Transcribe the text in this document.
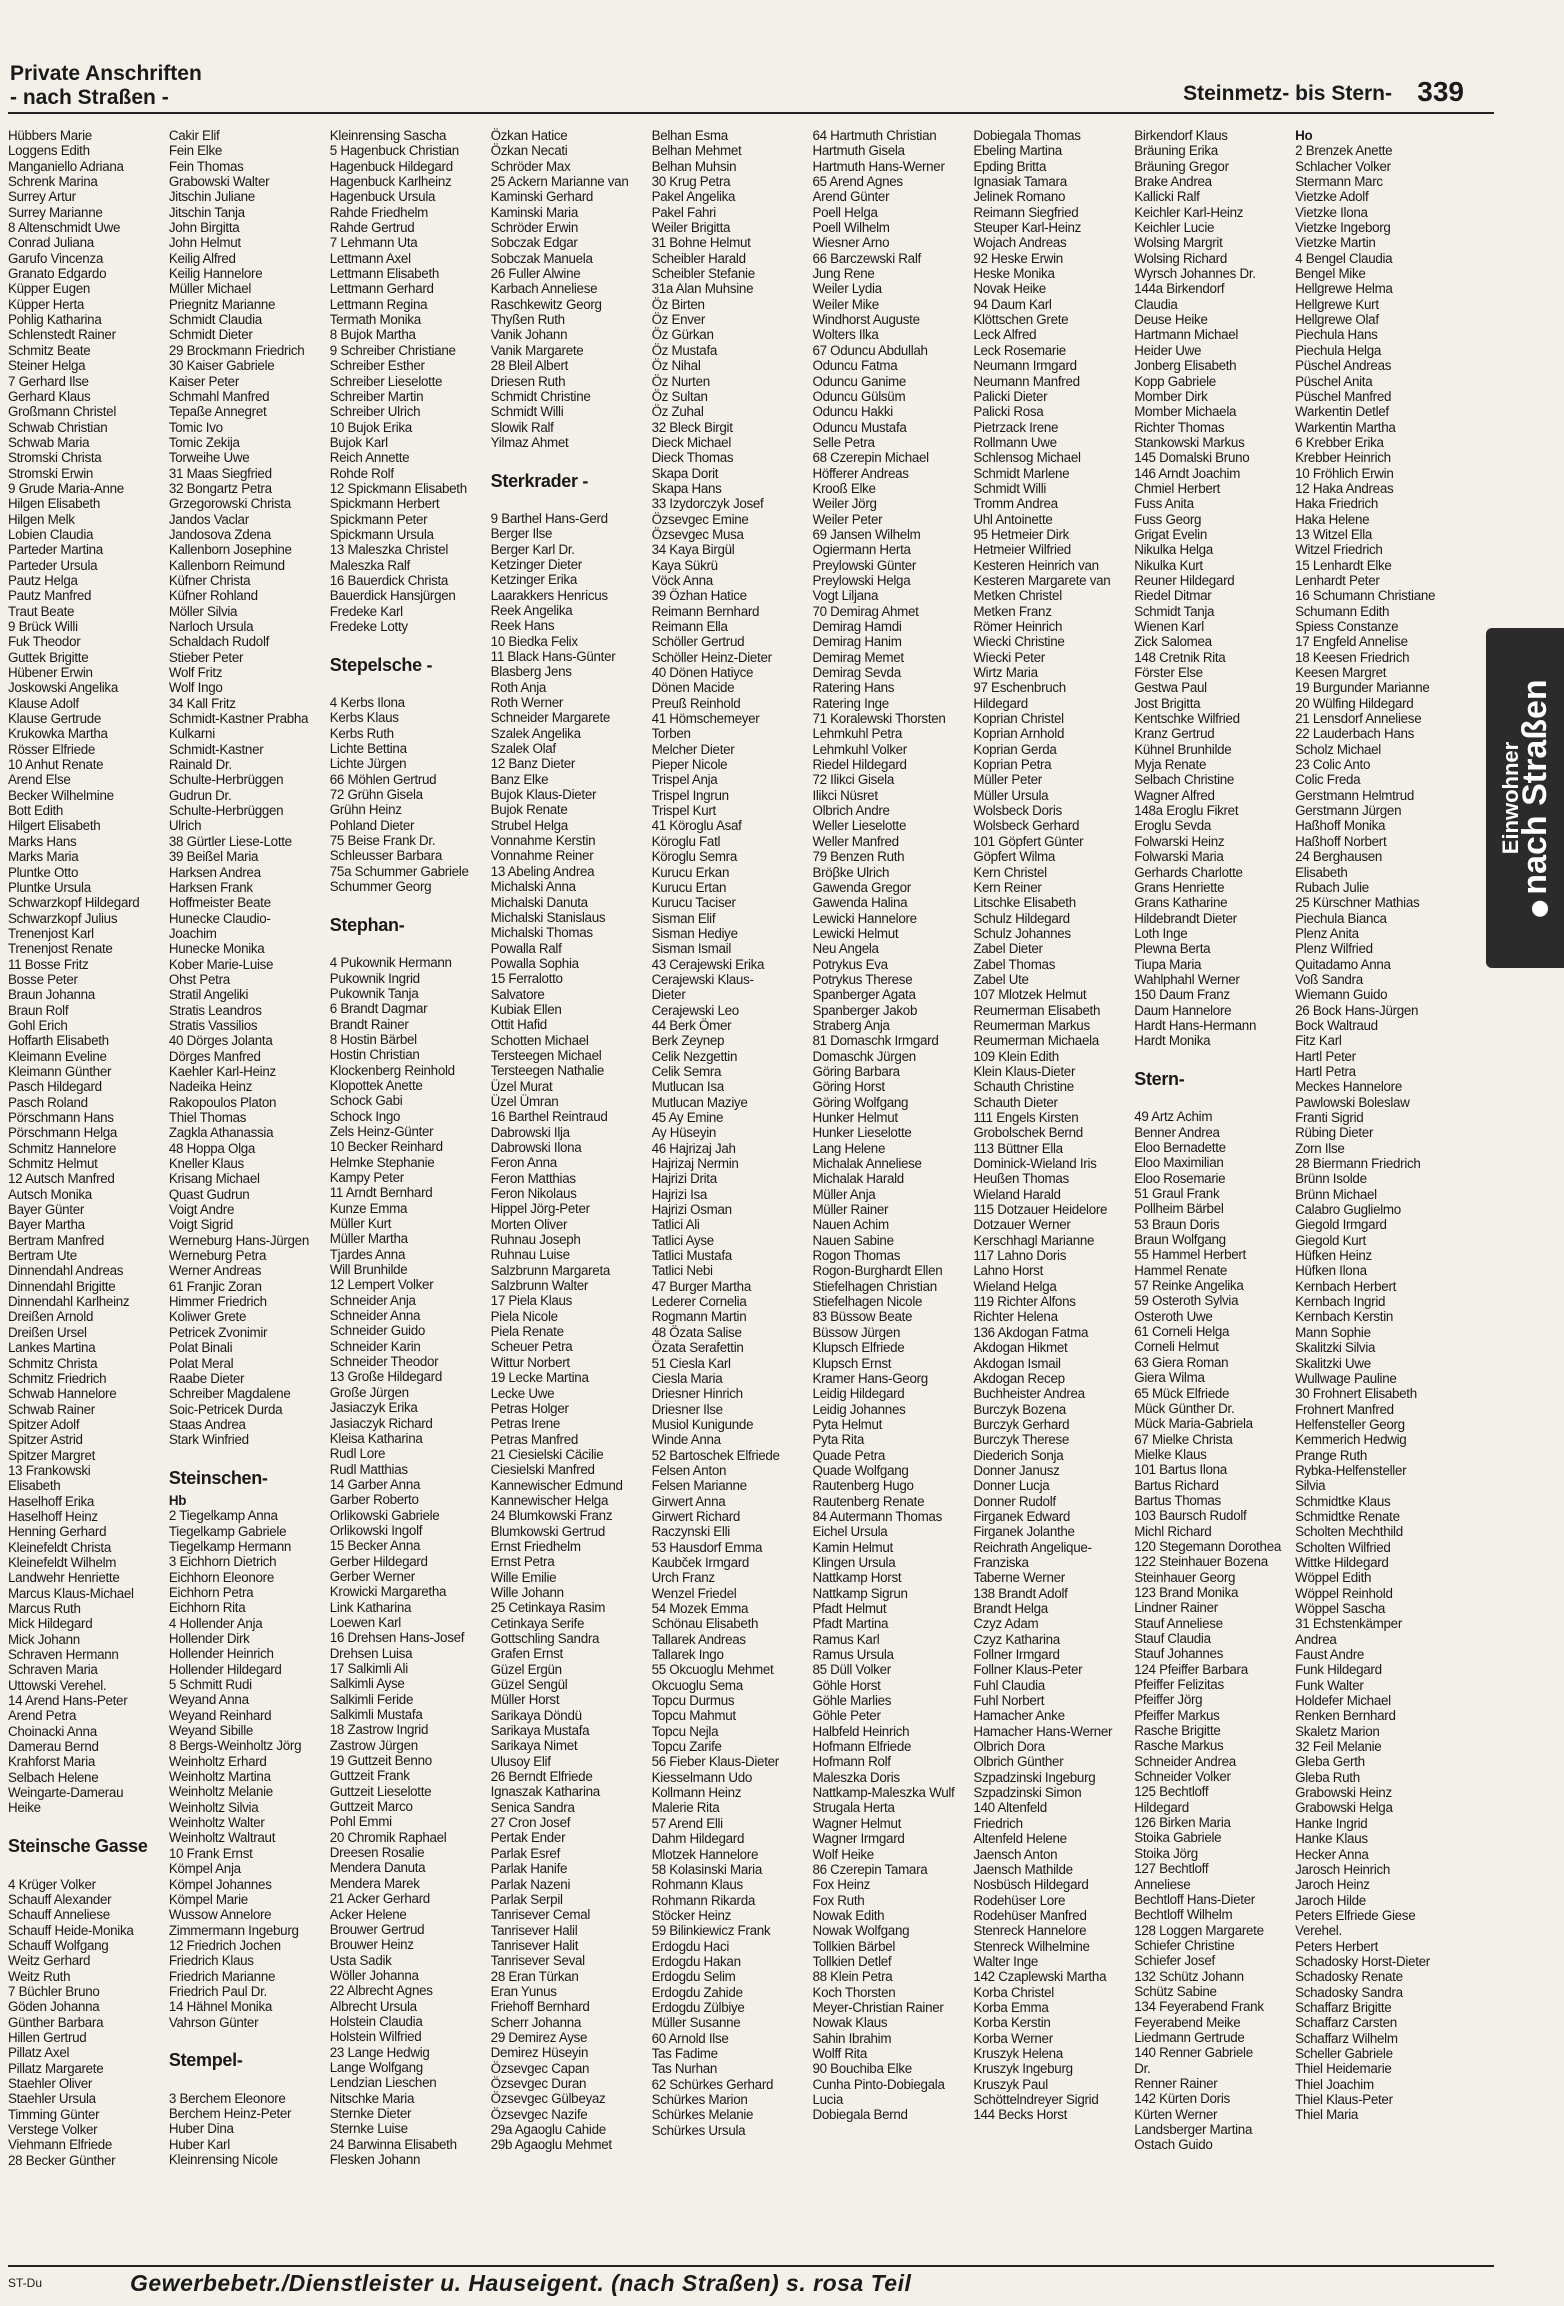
Private Anschriften
- nach Straßen -	Steinmetz- bis Stern- 339
Hübbers Marie
Loggens Edith
Manganiello Adriana
Schrenk Marina
Surrey Artur
Surrey Marianne
8 Altenschmidt Uwe
Conrad Juliana
Garufo Vincenza
Granato Edgardo
Küpper Eugen
Küpper Herta
Pohlig Katharina
Schlenstedt Rainer
Schmitz Beate
Steiner Helga
7 Gerhard Ilse
Gerhard Klaus
Großmann Christel
Schwab Christian
Schwab Maria
Stromski Christa
Stromski Erwin
9 Grude Maria-Anne
Hilgen Elisabeth
Hilgen Melk
Lobien Claudia
Parteder Martina
Parteder Ursula
Pautz Helga
Pautz Manfred
Traut Beate
9 Brück Willi
Fuk Theodor
Guttek Brigitte
Hübener Erwin
Joskowski Angelika
Klause Adolf
Klause Gertrude
Krukowka Martha
Rösser Elfriede
10 Anhut Renate
Arend Else
Becker Wilhelmine
Bott Edith
Hilgert Elisabeth
Marks Hans
Marks Maria
Pluntke Otto
Pluntke Ursula
Schwarzkopf Hildegard
Schwarzkopf Julius
Trenenjost Karl
Trenenjost Renate
11 Bosse Fritz
Bosse Peter
Braun Johanna
Braun Rolf
Gohl Erich
Hoffarth Elisabeth
Kleimann Eveline
Kleimann Günther
Pasch Hildegard
Pasch Roland
Pörschmann Hans
Pörschmann Helga
Schmitz Hannelore
Schmitz Helmut
12 Autsch Manfred
Autsch Monika
Bayer Günter
Bayer Martha
Bertram Manfred
Bertram Ute
Dinnendahl Andreas
Dinnendahl Brigitte
Dinnendahl Karlheinz
Dreißen Arnold
Dreißen Ursel
Lankes Martina
Schmitz Christa
Schmitz Friedrich
Schwab Hannelore
Schwab Rainer
Spitzer Adolf
Spitzer Astrid
Spitzer Margret
13 Frankowski
Elisabeth
Haselhoff Erika
Haselhoff Heinz
Henning Gerhard
Kleinefeldt Christa
Kleinefeldt Wilhelm
Landwehr Henriette
Marcus Klaus-Michael
Marcus Ruth
Mick Hildegard
Mick Johann
Schraven Hermann
Schraven Maria
Uttowski Verehel.
14 Arend Hans-Peter
Arend Petra
Choinacki Anna
Damerau Bernd
Krahforst Maria
Selbach Helene
Weingarte-Damerau
Heike
Steinsche Gasse
4 Krüger Volker
Schauff Alexander
Schauff Anneliese
Schauff Heide-Monika
Schauff Wolfgang
Weitz Gerhard
Weitz Ruth
7 Büchler Bruno
Göden Johanna
Günther Barbara
Hillen Gertrud
Pillatz Axel
Pillatz Margarete
Staehler Oliver
Staehler Ursula
Timming Günter
Verstege Volker
Viehmann Elfriede
28 Becker Günther
Cakir Elif
Fein Elke
Fein Thomas
Grabowski Walter
Jitschin Juliane
Jitschin Tanja
John Birgitta
John Helmut
Keilig Alfred
Keilig Hannelore
Müller Michael
Priegnitz Marianne
Schmidt Claudia
Schmidt Dieter
29 Brockmann Friedrich
30 Kaiser Gabriele
Kaiser Peter
Schmahl Manfred
Tepaße Annegret
Tomic Ivo
Tomic Zekija
Torweihe Uwe
31 Maas Siegfried
32 Bongartz Petra
Grzegorowski Christa
Jandos Vaclar
Jandosova Zdena
Kallenborn Josephine
Kallenborn Reimund
Küfner Christa
Küfner Rohland
Möller Silvia
Narloch Ursula
Schaldach Rudolf
Stieber Peter
Wolf Fritz
Wolf Ingo
34 Kall Fritz
Schmidt-Kastner Prabha
Kulkarni
Schmidt-Kastner
Rainald Dr.
Schulte-Herbrüggen
Gudrun Dr.
Schulte-Herbrüggen
Ulrich
38 Gürtler Liese-Lotte
39 Beißel Maria
Harksen Andrea
Harksen Frank
Hoffmeister Beate
Hunecke Claudio-
Joachim
Hunecke Monika
Kober Marie-Luise
Ohst Petra
Stratil Angeliki
Stratis Leandros
Stratis Vassilios
40 Dörges Jolanta
Dörges Manfred
Kaehler Karl-Heinz
Nadeika Heinz
Rakopoulos Platon
Thiel Thomas
Zagkla Athanassia
48 Hoppa Olga
Kneller Klaus
Krisang Michael
Quast Gudrun
Voigt Andre
Voigt Sigrid
Werneburg Hans-Jürgen
Werneburg Petra
Werner Andreas
61 Franjic Zoran
Himmer Friedrich
Koliwer Grete
Petricek Zvonimir
Polat Binali
Polat Meral
Raabe Dieter
Schreiber Magdalene
Soic-Petricek Durda
Staas Andrea
Stark Winfried
Steinschen-
Hb
2 Tiegelkamp Anna
Tiegelkamp Gabriele
Tiegelkamp Hermann
3 Eichhorn Dietrich
Eichhorn Eleonore
Eichhorn Petra
Eichhorn Rita
4 Hollender Anja
Hollender Dirk
Hollender Heinrich
Hollender Hildegard
5 Schmitt Rudi
Weyand Anna
Weyand Reinhard
Weyand Sibille
8 Bergs-Weinholtz Jörg
Weinholtz Erhard
Weinholtz Martina
Weinholtz Melanie
Weinholtz Silvia
Weinholtz Walter
Weinholtz Waltraut
10 Frank Ernst
Kömpel Anja
Kömpel Johannes
Kömpel Marie
Wussow Annelore
Zimmermann Ingeburg
12 Friedrich Jochen
Friedrich Klaus
Friedrich Marianne
Friedrich Paul Dr.
14 Hähnel Monika
Vahrson Günter
Stempel-
3 Berchem Eleonore
Berchem Heinz-Peter
Huber Dina
Huber Karl
Kleinrensing Nicole
Kleinrensing Sascha
5 Hagenbuck Christian
Hagenbuck Hildegard
Hagenbuck Karlheinz
Hagenbuck Ursula
Rahde Friedhelm
Rahde Gertrud
7 Lehmann Uta
Lettmann Axel
Lettmann Elisabeth
Lettmann Gerhard
Lettmann Regina
Termath Monika
8 Bujok Martha
9 Schreiber Christiane
Schreiber Esther
Schreiber Lieselotte
Schreiber Martin
Schreiber Ulrich
10 Bujok Erika
Bujok Karl
Reich Annette
Rohde Rolf
12 Spickmann Elisabeth
Spickmann Herbert
Spickmann Peter
Spickmann Ursula
13 Maleszka Christel
Maleszka Ralf
16 Bauerdick Christa
Bauerdick Hansjürgen
Fredeke Karl
Fredeke Lotty
Stepelsche -
4 Kerbs Ilona
Kerbs Klaus
Kerbs Ruth
Lichte Bettina
Lichte Jürgen
66 Möhlen Gertrud
72 Grühn Gisela
Grühn Heinz
Pohland Dieter
75 Beise Frank Dr.
Schleusser Barbara
75a Schummer Gabriele
Schummer Georg
Stephan-
4 Pukownik Hermann
Pukownik Ingrid
Pukownik Tanja
6 Brandt Dagmar
Brandt Rainer
8 Hostin Bärbel
Hostin Christian
Klockenberg Reinhold
Klopottek Anette
Schock Gabi
Schock Ingo
Zels Heinz-Günter
10 Becker Reinhard
Helmke Stephanie
Kampy Peter
11 Arndt Bernhard
Kunze Emma
Müller Kurt
Müller Martha
Tjardes Anna
Will Brunhilde
12 Lempert Volker
Schneider Anja
Schneider Anna
Schneider Guido
Schneider Karin
Schneider Theodor
13 Große Hildegard
Große Jürgen
Jasiaczyk Erika
Jasiaczyk Richard
Kleisa Katharina
Rudl Lore
Rudl Matthias
14 Garber Anna
Garber Roberto
Orlikowski Gabriele
Orlikowski Ingolf
15 Becker Anna
Gerber Hildegard
Gerber Werner
Krowicki Margaretha
Link Katharina
Loewen Karl
16 Drehsen Hans-Josef
Drehsen Luisa
17 Salkimli Ali
Salkimli Ayse
Salkimli Feride
Salkimli Mustafa
18 Zastrow Ingrid
Zastrow Jürgen
19 Guttzeit Benno
Guttzeit Frank
Guttzeit Lieselotte
Guttzeit Marco
Pohl Emmi
20 Chromik Raphael
Dreesen Rosalie
Mendera Danuta
Mendera Marek
21 Acker Gerhard
Acker Helene
Brouwer Gertrud
Brouwer Heinz
Usta Sadik
Wöller Johanna
22 Albrecht Agnes
Albrecht Ursula
Holstein Claudia
Holstein Wilfried
23 Lange Hedwig
Lange Wolfgang
Lendzian Lieschen
Nitschke Maria
Sternke Dieter
Sternke Luise
24 Barwinna Elisabeth
Flesken Johann
Özkan Hatice
Özkan Necati
Schröder Max
25 Ackern Marianne van
Kaminski Gerhard
Kaminski Maria
Schröder Erwin
Sobczak Edgar
Sobczak Manuela
26 Fuller Alwine
Karbach Anneliese
Raschkewitz Georg
Thyßen Ruth
Vanik Johann
Vanik Margarete
28 Bleil Albert
Driesen Ruth
Schmidt Christine
Schmidt Willi
Slowik Ralf
Yilmaz Ahmet
Sterkrader -
9 Barthel Hans-Gerd
Berger Ilse
Berger Karl Dr.
Ketzinger Dieter
Ketzinger Erika
Laarakkers Henricus
Reek Angelika
Reek Hans
10 Biedka Felix
11 Black Hans-Günter
Blasberg Jens
Roth Anja
Roth Werner
Schneider Margarete
Szalek Angelika
Szalek Olaf
12 Banz Dieter
Banz Elke
Bujok Klaus-Dieter
Bujok Renate
Strubel Helga
Vonnahme Kerstin
Vonnahme Reiner
13 Abeling Andrea
Michalski Anna
Michalski Danuta
Michalski Stanislaus
Michalski Thomas
Powalla Ralf
Powalla Sophia
15 Ferralotto
Salvatore
Kubiak Ellen
Ottit Hafid
Schotten Michael
Tersteegen Michael
Tersteegen Nathalie
Üzel Murat
Üzel Ümran
16 Barthel Reintraud
Dabrowski Ilja
Dabrowski Ilona
Feron Anna
Feron Matthias
Feron Nikolaus
Hippel Jörg-Peter
Morten Oliver
Ruhnau Joseph
Ruhnau Luise
Salzbrunn Margareta
Salzbrunn Walter
17 Piela Klaus
Piela Nicole
Piela Renate
Scheuer Petra
Wittur Norbert
19 Lecke Martina
Lecke Uwe
Petras Holger
Petras Irene
Petras Manfred
21 Ciesielski Cäcilie
Ciesielski Manfred
Kannewischer Edmund
Kannewischer Helga
24 Blumkowski Franz
Blumkowski Gertrud
Ernst Friedhelm
Ernst Petra
Wille Emilie
Wille Johann
25 Cetinkaya Rasim
Cetinkaya Serife
Gottschling Sandra
Grafen Ernst
Güzel Ergün
Güzel Sengül
Müller Horst
Sarikaya Döndü
Sarikaya Mustafa
Sarikaya Nimet
Ulusoy Elif
26 Berndt Elfriede
Ignaszak Katharina
Senica Sandra
27 Cron Josef
Pertak Ender
Parlak Esref
Parlak Hanife
Parlak Nazeni
Parlak Serpil
Tanrisever Cemal
Tanrisever Halil
Tanrisever Halit
Tanrisever Seval
28 Eran Türkan
Eran Yunus
Friehoff Bernhard
Scherr Johanna
29 Demirez Ayse
Demirez Hüseyin
Özsevgec Capan
Özsevgec Duran
Özsevgec Gülbeyaz
Özsevgec Nazife
29a Agaoglu Cahide
29b Agaoglu Mehmet
Belhan Esma
Belhan Mehmet
Belhan Muhsin
30 Krug Petra
Pakel Angelika
Pakel Fahri
Weiler Brigitta
31 Bohne Helmut
Scheibler Harald
Scheibler Stefanie
31a Alan Muhsine
Öz Birten
Öz Enver
Öz Gürkan
Öz Mustafa
Öz Nihal
Öz Nurten
Öz Sultan
Öz Zuhal
32 Bleck Birgit
Dieck Michael
Dieck Thomas
Skapa Dorit
Skapa Hans
33 Izydorczyk Josef
Özsevgec Emine
Özsevgec Musa
34 Kaya Birgül
Kaya Sükrü
Vöck Anna
39 Özhan Hatice
Reimann Bernhard
Reimann Ella
Schöller Gertrud
Schöller Heinz-Dieter
40 Dönen Hatiyce
Dönen Macide
Preuß Reinhold
41 Hömschemeyer
Torben
Melcher Dieter
Pieper Nicole
Trispel Anja
Trispel Ingrun
Trispel Kurt
41 Köroglu Asaf
Köroglu Fatl
Köroglu Semra
Kurucu Erkan
Kurucu Ertan
Kurucu Taciser
Sisman Elif
Sisman Hediye
Sisman Ismail
43 Cerajewski Erika
Cerajewski Klaus-
Dieter
Cerajewski Leo
44 Berk Ömer
Berk Zeynep
Celik Nezgettin
Celik Semra
Mutlucan Isa
Mutlucan Maziye
45 Ay Emine
Ay Hüseyin
46 Hajrizaj Jah
Hajrizaj Nermin
Hajrizi Drita
Hajrizi Isa
Hajrizi Osman
Tatlici Ali
Tatlici Ayse
Tatlici Mustafa
Tatlici Nebi
47 Burger Martha
Lederer Cornelia
Rogmann Martin
48 Özata Salise
Özata Serafettin
51 Ciesla Karl
Ciesla Maria
Driesner Hinrich
Driesner Ilse
Musiol Kunigunde
Winde Anna
52 Bartoschek Elfriede
Felsen Anton
Felsen Marianne
Girwert Anna
Girwert Richard
Raczynski Elli
53 Hausdorf Emma
Kaubček Irmgard
Urch Franz
Wenzel Friedel
54 Mozek Emma
Schönau Elisabeth
Tallarek Andreas
Tallarek Ingo
55 Okcuoglu Mehmet
Okcuoglu Sema
Topcu Durmus
Topcu Mahmut
Topcu Nejla
Topcu Zarife
56 Fieber Klaus-Dieter
Kiesselmann Udo
Kollmann Heinz
Malerie Rita
57 Arend Elli
Dahm Hildegard
Mlotzek Hannelore
58 Kolasinski Maria
Rohmann Klaus
Rohmann Rikarda
Stöcker Heinz
59 Bilinkiewicz Frank
Erdogdu Haci
Erdogdu Hakan
Erdogdu Selim
Erdogdu Zahide
Erdogdu Zülbiye
Müller Susanne
60 Arnold Ilse
Tas Fadime
Tas Nurhan
62 Schürkes Gerhard
Schürkes Marion
Schürkes Melanie
Schürkes Ursula
64 Hartmuth Christian
Hartmuth Gisela
Hartmuth Hans-Werner
65 Arend Agnes
Arend Günter
Poell Helga
Poell Wilhelm
Wiesner Arno
66 Barczewski Ralf
Jung Rene
Weiler Lydia
Weiler Mike
Windhorst Auguste
Wolters Ilka
67 Oduncu Abdullah
Oduncu Fatma
Oduncu Ganime
Oduncu Gülsüm
Oduncu Hakki
Oduncu Mustafa
Selle Petra
68 Czerepin Michael
Höfferer Andreas
Krooß Elke
Weiler Jörg
Weiler Peter
69 Jansen Wilhelm
Ogiermann Herta
Preylowski Günter
Preylowski Helga
Vogt Liljana
70 Demirag Ahmet
Demirag Hamdi
Demirag Hanim
Demirag Memet
Demirag Sevda
Ratering Hans
Ratering Inge
71 Koralewski Thorsten
Lehmkuhl Petra
Lehmkuhl Volker
Riedel Hildegard
72 Ilikci Gisela
Ilikci Nüsret
Olbrich Andre
Weller Lieselotte
Weller Manfred
79 Benzen Ruth
Bröβke Ulrich
Gawenda Gregor
Gawenda Halina
Lewicki Hannelore
Lewicki Helmut
Neu Angela
Potrykus Eva
Potrykus Therese
Spanberger Agata
Spanberger Jakob
Straberg Anja
81 Domaschk Irmgard
Domaschk Jürgen
Göring Barbara
Göring Horst
Göring Wolfgang
Hunker Helmut
Hunker Lieselotte
Lang Helene
Michalak Anneliese
Michalak Harald
Müller Anja
Müller Rainer
Nauen Achim
Nauen Sabine
Rogon Thomas
Rogon-Burghardt Ellen
Stiefelhagen Christian
Stiefelhagen Nicole
83 Büssow Beate
Büssow Jürgen
Klupsch Elfriede
Klupsch Ernst
Kramer Hans-Georg
Leidig Hildegard
Leidig Johannes
Pyta Helmut
Pyta Rita
Quade Petra
Quade Wolfgang
Rautenberg Hugo
Rautenberg Renate
84 Autermann Thomas
Eichel Ursula
Kamin Helmut
Klingen Ursula
Nattkamp Horst
Nattkamp Sigrun
Pfadt Helmut
Pfadt Martina
Ramus Karl
Ramus Ursula
85 Düll Volker
Göhle Horst
Göhle Marlies
Göhle Peter
Halbfeld Heinrich
Hofmann Elfriede
Hofmann Rolf
Maleszka Doris
Nattkamp-Maleszka Wulf
Strugala Herta
Wagner Helmut
Wagner Irmgard
Wolf Heike
86 Czerepin Tamara
Fox Heinz
Fox Ruth
Nowak Edith
Nowak Wolfgang
Tollkien Bärbel
Tollkien Detlef
88 Klein Petra
Koch Thorsten
Meyer-Christian Rainer
Nowak Klaus
Sahin Ibrahim
Wolff Rita
90 Bouchiba Elke
Cunha Pinto-Dobiegala
Lucia
Dobiegala Bernd
Dobiegala Thomas
Ebeling Martina
Epding Britta
Ignasiak Tamara
Jelinek Romano
Reimann Siegfried
Steuper Karl-Heinz
Wojach Andreas
92 Heske Erwin
Heske Monika
Novak Heike
94 Daum Karl
Klöttschen Grete
Leck Alfred
Leck Rosemarie
Neumann Irmgard
Neumann Manfred
Palicki Dieter
Palicki Rosa
Pietrzack Irene
Rollmann Uwe
Schlensog Michael
Schmidt Marlene
Schmidt Willi
Tromm Andrea
Uhl Antoinette
95 Hetmeier Dirk
Hetmeier Wilfried
Kesteren Heinrich van
Kesteren Margarete van
Metken Christel
Metken Franz
Römer Heinrich
Wiecki Christine
Wiecki Peter
Wirtz Maria
97 Eschenbruch
Hildegard
Koprian Christel
Koprian Arnhold
Koprian Gerda
Koprian Petra
Müller Peter
Müller Ursula
Wolsbeck Doris
Wolsbeck Gerhard
101 Göpfert Günter
Göpfert Wilma
Kern Christel
Kern Reiner
Litschke Elisabeth
Schulz Hildegard
Schulz Johannes
Zabel Dieter
Zabel Thomas
Zabel Ute
107 Mlotzek Helmut
Reumerman Elisabeth
Reumerman Markus
Reumerman Michaela
109 Klein Edith
Klein Klaus-Dieter
Schauth Christine
Schauth Dieter
111 Engels Kirsten
Grobolschek Bernd
113 Büttner Ella
Dominick-Wieland Iris
Heußen Thomas
Wieland Harald
115 Dotzauer Heidelore
Dotzauer Werner
Kerschhagl Marianne
117 Lahno Doris
Lahno Horst
Wieland Helga
119 Richter Alfons
Richter Helena
136 Akdogan Fatma
Akdogan Hikmet
Akdogan Ismail
Akdogan Recep
Buchheister Andrea
Burczyk Bozena
Burczyk Gerhard
Burczyk Therese
Diederich Sonja
Donner Janusz
Donner Lucja
Donner Rudolf
Firganek Edward
Firganek Jolanthe
Reichrath Angelique-
Franziska
Taberne Werner
138 Brandt Adolf
Brandt Helga
Czyz Adam
Czyz Katharina
Follner Irmgard
Follner Klaus-Peter
Fuhl Claudia
Fuhl Norbert
Hamacher Anke
Hamacher Hans-Werner
Olbrich Dora
Olbrich Günther
Szpadzinski Ingeburg
Szpadzinski Simon
140 Altenfeld
Friedrich
Altenfeld Helene
Jaensch Anton
Jaensch Mathilde
Nosbüsch Hildegard
Rodehüser Lore
Rodehüser Manfred
Stenreck Hannelore
Stenreck Wilhelmine
Walter Inge
142 Czaplewski Martha
Korba Christel
Korba Emma
Korba Kerstin
Korba Werner
Kruszyk Helena
Kruszyk Ingeburg
Kruszyk Paul
Schöttelndreyer Sigrid
144 Becks Horst
Birkendorf Klaus
Bräuning Erika
Bräuning Gregor
Brake Andrea
Kallicki Ralf
Keichler Karl-Heinz
Keichler Lucie
Wolsing Margrit
Wolsing Richard
Wyrsch Johannes Dr.
144a Birkendorf
Claudia
Deuse Heike
Hartmann Michael
Heider Uwe
Jonberg Elisabeth
Kopp Gabriele
Momber Dirk
Momber Michaela
Richter Thomas
Stankowski Markus
145 Domalski Bruno
146 Arndt Joachim
Chmiel Herbert
Fuss Anita
Fuss Georg
Grigat Evelin
Nikulka Helga
Nikulka Kurt
Reuner Hildegard
Riedel Ditmar
Schmidt Tanja
Wienen Karl
Zick Salomea
148 Cretnik Rita
Förster Else
Gestwa Paul
Jost Brigitta
Kentschke Wilfried
Kranz Gertrud
Kühnel Brunhilde
Myja Renate
Selbach Christine
Wagner Alfred
148a Eroglu Fikret
Eroglu Sevda
Folwarski Heinz
Folwarski Maria
Gerhards Charlotte
Grans Henriette
Grans Katharine
Hildebrandt Dieter
Loth Inge
Plewna Berta
Tiupa Maria
Wahlphahl Werner
150 Daum Franz
Daum Hannelore
Hardt Hans-Hermann
Hardt Monika
Stern-
49 Artz Achim
Benner Andrea
Eloo Bernadette
Eloo Maximilian
Eloo Rosemarie
51 Graul Frank
Pollheim Bärbel
53 Braun Doris
Braun Wolfgang
55 Hammel Herbert
Hammel Renate
57 Reinke Angelika
59 Osteroth Sylvia
Osteroth Uwe
61 Corneli Helga
Corneli Helmut
63 Giera Roman
Giera Wilma
65 Mück Elfriede
Mück Günther Dr.
Mück Maria-Gabriela
67 Mielke Christa
Mielke Klaus
101 Bartus Ilona
Bartus Richard
Bartus Thomas
103 Baursch Rudolf
Michl Richard
120 Stegemann Dorothea
122 Steinhauer Bozena
Steinhauer Georg
123 Brand Monika
Lindner Rainer
Stauf Anneliese
Stauf Claudia
Stauf Johannes
124 Pfeiffer Barbara
Pfeiffer Felizitas
Pfeiffer Jörg
Pfeiffer Markus
Rasche Brigitte
Rasche Markus
Schneider Andrea
Schneider Volker
125 Bechtloff
Hildegard
126 Birken Maria
Stoika Gabriele
Stoika Jörg
127 Bechtloff
Anneliese
Bechtloff Hans-Dieter
Bechtloff Wilhelm
128 Loggen Margarete
Schiefer Christine
Schiefer Josef
132 Schütz Johann
Schütz Sabine
134 Feyerabend Frank
Feyerabend Meike
Liedmann Gertrude
140 Renner Gabriele
Dr.
Renner Rainer
142 Kürten Doris
Kürten Werner
Landsberger Martina
Ostach Guido
Ho
2 Brenzek Anette
Schlacher Volker
Stermann Marc
Vietzke Adolf
Vietzke Ilona
Vietzke Ingeborg
Vietzke Martin
4 Bengel Claudia
Bengel Mike
Hellgrewe Helma
Hellgrewe Kurt
Hellgrewe Olaf
Piechula Hans
Piechula Helga
Püschel Andreas
Püschel Anita
Püschel Manfred
Warkentin Detlef
Warkentin Martha
6 Krebber Erika
Krebber Heinrich
10 Fröhlich Erwin
12 Haka Andreas
Haka Friedrich
Haka Helene
13 Witzel Ella
Witzel Friedrich
15 Lenhardt Elke
Lenhardt Peter
16 Schumann Christiane
Schumann Edith
Spiess Constanze
17 Engfeld Annelise
18 Keesen Friedrich
Keesen Margret
19 Burgunder Marianne
20 Wülfing Hildegard
21 Lensdorf Anneliese
22 Lauderbach Hans
Scholz Michael
23 Colic Anto
Colic Freda
Gerstmann Helmtrud
Gerstmann Jürgen
Haßhoff Monika
Haßhoff Norbert
24 Berghausen
Elisabeth
Rubach Julie
25 Kürschner Mathias
Piechula Bianca
Plenz Anita
Plenz Wilfried
Quitadamo Anna
Voß Sandra
Wiemann Guido
26 Bock Hans-Jürgen
Bock Waltraud
Fitz Karl
Hartl Peter
Hartl Petra
Meckes Hannelore
Pawlowski Boleslaw
Franti Sigrid
Rübing Dieter
Zorn Ilse
28 Biermann Friedrich
Brünn Isolde
Brünn Michael
Calabro Guglielmo
Giegold Irmgard
Giegold Kurt
Hüfken Heinz
Hüfken Ilona
Kernbach Herbert
Kernbach Ingrid
Kernbach Kerstin
Mann Sophie
Skalitzki Silvia
Skalitzki Uwe
Wullwage Pauline
30 Frohnert Elisabeth
Frohnert Manfred
Helfensteller Georg
Kemmerich Hedwig
Prange Ruth
Rybka-Helfensteller
Silvia
Schmidtke Klaus
Schmidtke Renate
Scholten Mechthild
Scholten Wilfried
Wittke Hildegard
Wöppel Edith
Wöppel Reinhold
Wöppel Sascha
31 Echstenkämper
Andrea
Faust Andre
Funk Hildegard
Funk Walter
Holdefer Michael
Renken Bernhard
Skaletz Marion
32 Feil Melanie
Gleba Gerth
Gleba Ruth
Grabowski Heinz
Grabowski Helga
Hanke Ingrid
Hanke Klaus
Hecker Anna
Jarosch Heinrich
Jaroch Heinz
Jaroch Hilde
Peters Elfriede Giese
Verehel.
Peters Herbert
Schadosky Horst-Dieter
Schadosky Renate
Schadosky Sandra
Schaffarz Brigitte
Schaffarz Carsten
Schaffarz Wilhelm
Scheller Gabriele
Thiel Heidemarie
Thiel Joachim
Thiel Klaus-Peter
Thiel Maria
Einwohner
nach Straßen
ST-Du	Gewerbebetr./Dienstleister u. Hauseigent. (nach Straßen) s. rosa Teil
